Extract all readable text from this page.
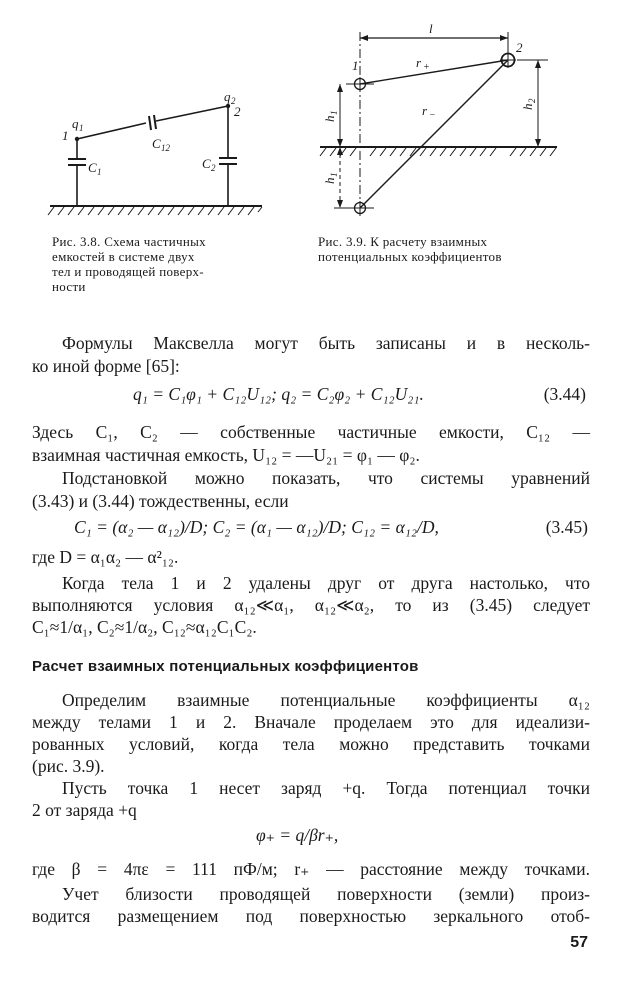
1
q 1
q 2
2
C 1
C 12
C 2
Рис. 3.8. Схема частичных
емкостей в системе двух
тел и проводящей поверх-
ности
l
r +
r −
1
2
h
1
h
1
h
2
Рис. 3.9. К расчету взаимных
потенциальных коэффициентов
Формулы Максвелла могут быть записаны и в несколь-
ко иной форме [65]:
q₁ = C₁φ₁ + C₁₂U₁₂; q₂ = C₂φ₂ + C₁₂U₂₁.	(3.44)
Здесь C₁, C₂ — собственные частичные емкости, C₁₂ —
взаимная частичная емкость, U₁₂ = —U₂₁ = φ₁ — φ₂.
Подстановкой можно показать, что системы уравнений
(3.43) и (3.44) тождественны, если
C₁ = (α₂ — α₁₂)/D; C₂ = (α₁ — α₁₂)/D; C₁₂ = α₁₂/D,	(3.45)
где D = α₁α₂ — α²₁₂.
Когда тела 1 и 2 удалены друг от друга настолько, что
выполняются условия α₁₂≪α₁, α₁₂≪α₂, то из (3.45) следует
C₁≈1/α₁, C₂≈1/α₂, C₁₂≈α₁₂C₁C₂.
Расчет взаимных потенциальных коэффициентов
Определим взаимные потенциальные коэффициенты α₁₂
между телами 1 и 2. Вначале проделаем это для идеализи-
рованных условий, когда тела можно представить точками
(рис. 3.9).
Пусть точка 1 несет заряд +q. Тогда потенциал точки
2 от заряда +q
φ₊ = q/βr₊,
где β = 4πε = 111 пФ/м; r₊ — расстояние между точками.
Учет близости проводящей поверхности (земли) произ-
водится размещением под поверхностью зеркального отоб-
57
